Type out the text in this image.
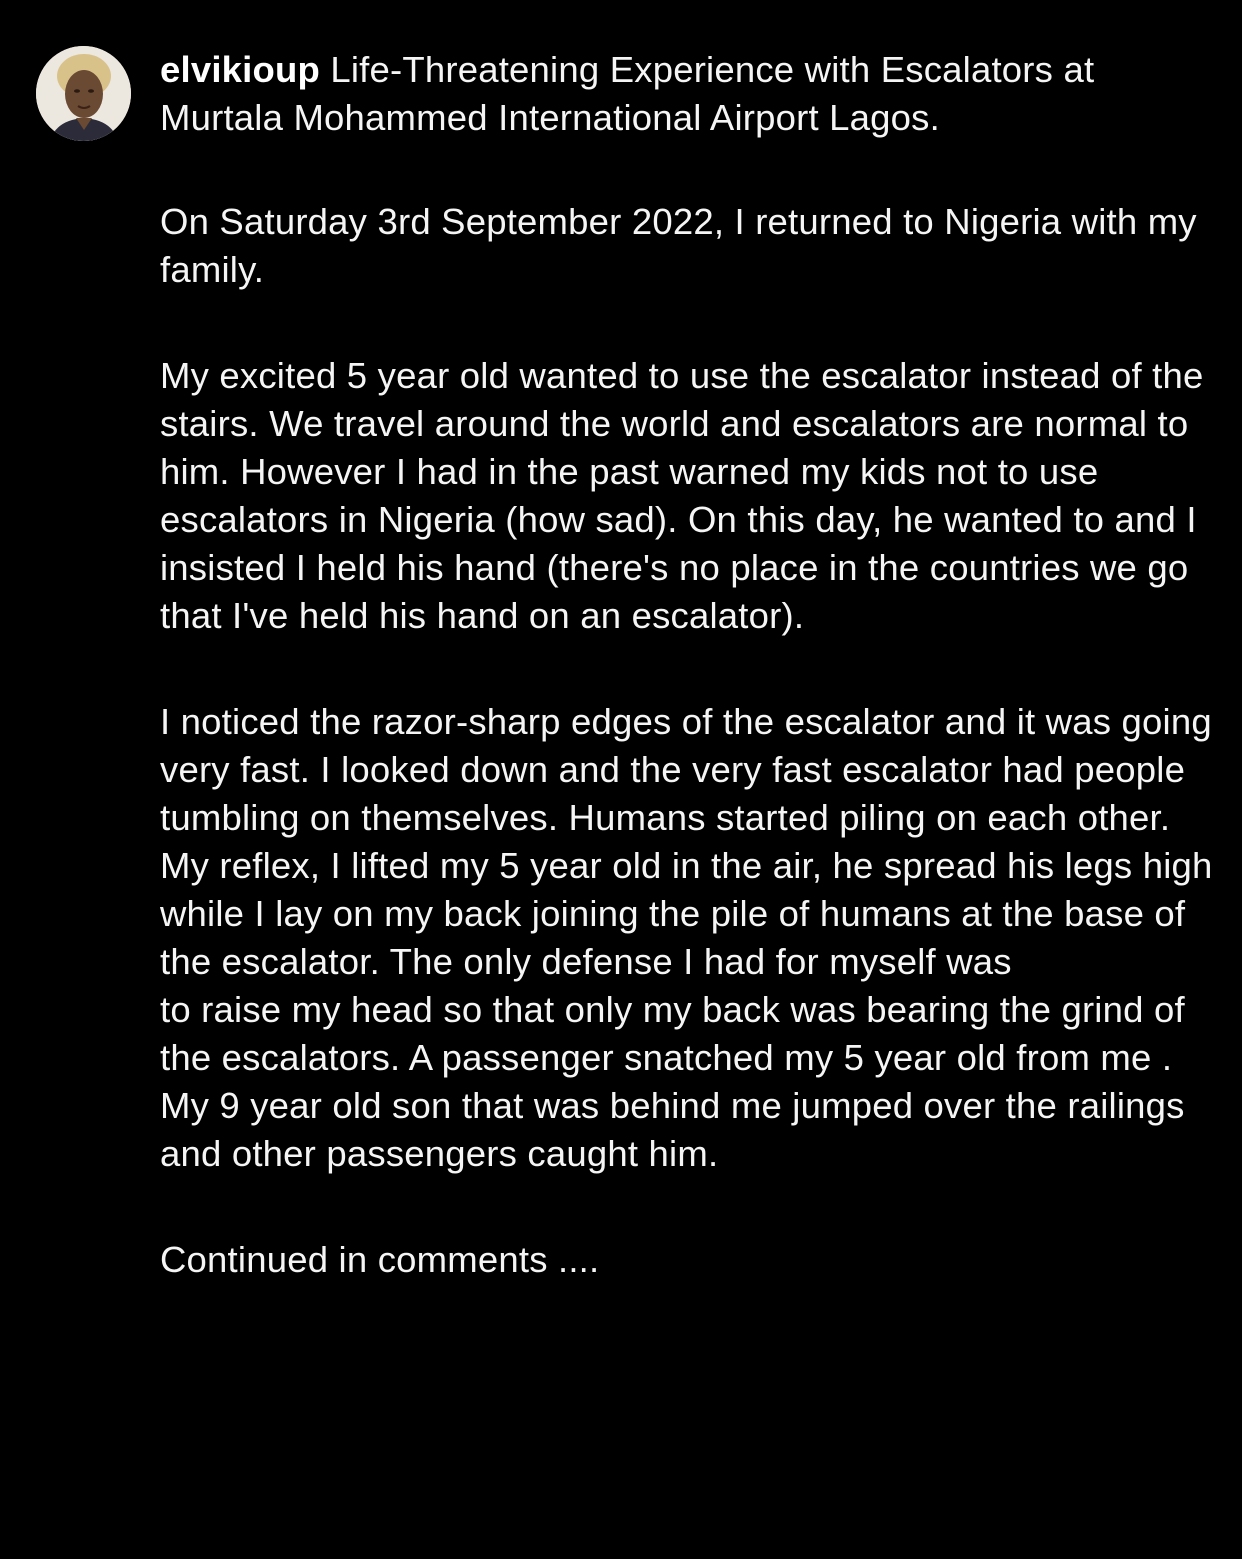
elvikioup Life-Threatening Experience with Escalators at Murtala Mohammed International Airport Lagos.

On Saturday 3rd September 2022, I returned to Nigeria with my family.

My excited 5 year old wanted to use the escalator instead of the stairs. We travel around the world and escalators are normal to him. However I had in the past warned my kids not to use escalators in Nigeria (how sad). On this day, he wanted to and I insisted I held his hand (there's no place in the countries we go that I've held his hand on an escalator).

I noticed the razor-sharp edges of the escalator and it was going very fast. I looked down and the very fast escalator had people tumbling on themselves. Humans started piling on each other. My reflex, I lifted my 5 year old in the air, he spread his legs high while I lay on my back joining the pile of humans at the base of the escalator. The only defense I had for myself was

to raise my head so that only my back was bearing the grind of the escalators. A passenger snatched my 5 year old from me . My 9 year old son that was behind me jumped over the railings and other passengers caught him.

Continued in comments ....
